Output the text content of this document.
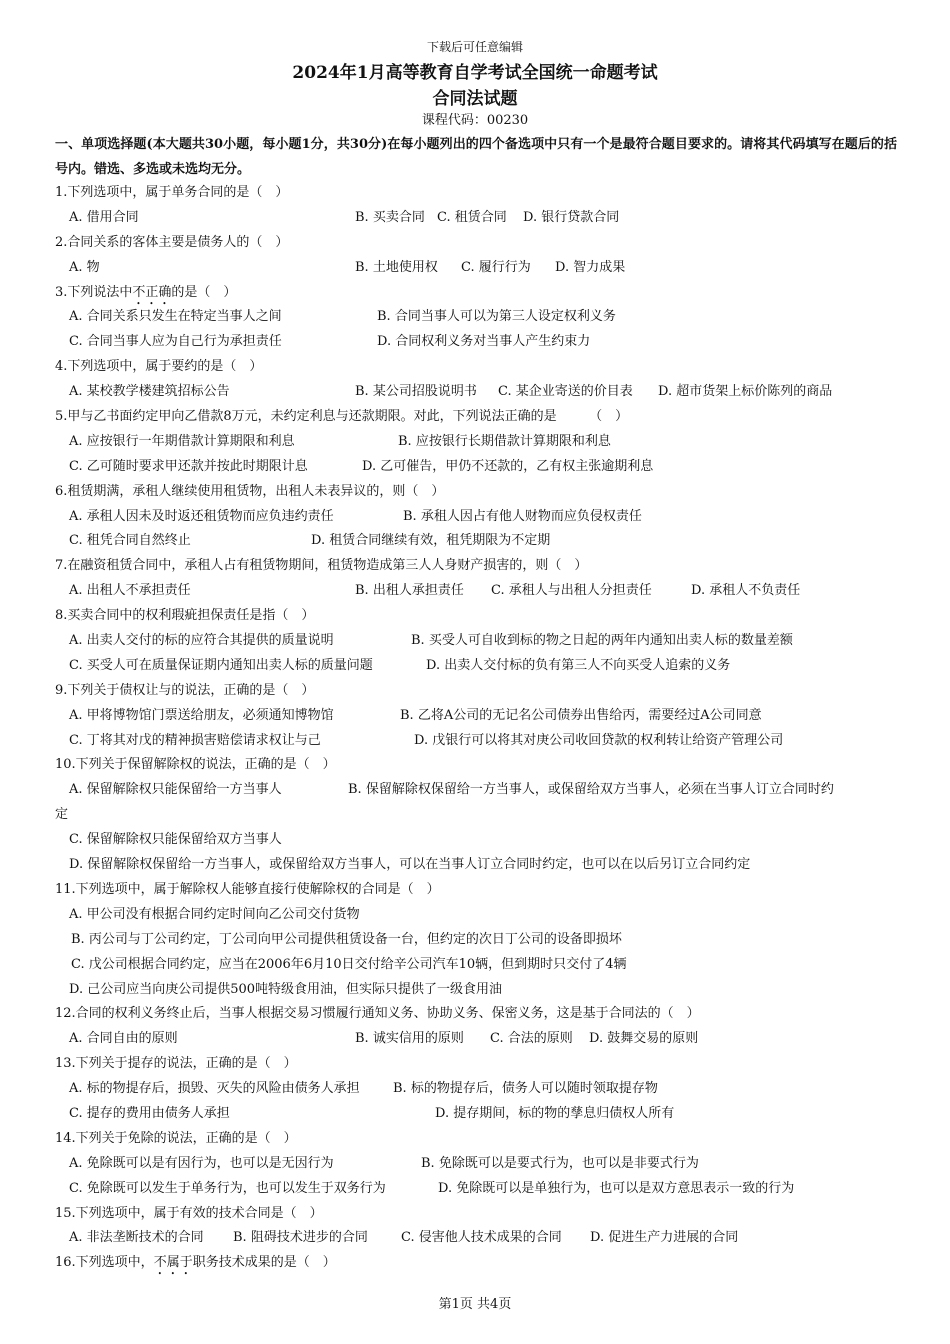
下载后可任意编辑
2024年1月高等教育自学考试全国统一命题考试
合同法试题
课程代码：00230
一、单项选择题(本大题共30小题，每小题1分，共30分)在每小题列出的四个备选项中只有一个是最符合题目要求的。请将其代码填写在题后的括号内。错选、多选或未选均无分。
1.下列选项中，属于单务合同的是（　）
A. 借用合同	B. 买卖合同 C. 租赁合同 D. 银行贷款合同
2.合同关系的客体主要是债务人的（　）
A. 物	B. 土地使用权 C. 履行行为 D. 智力成果
3.下列说法中不正确的是（　）
A. 合同关系只发生在特定当事人之间	B. 合同当事人可以为第三人设定权利义务
C. 合同当事人应为自己行为承担责任	D. 合同权利义务对当事人产生约束力
4.下列选项中，属于要约的是（　）
A. 某校教学楼建筑招标公告	B. 某公司招股说明书 C. 某企业寄送的价目表 D. 超市货架上标价陈列的商品
5.甲与乙书面约定甲向乙借款8万元，未约定利息与还款期限。对此，下列说法正确的是　　　（　）
A. 应按银行一年期借款计算期限和利息	B. 应按银行长期借款计算期限和利息
C. 乙可随时要求甲还款并按此时期限计息	D. 乙可催告，甲仍不还款的，乙有权主张逾期利息
6.租赁期满，承租人继续使用租赁物，出租人未表异议的，则（　）
A. 承租人因未及时返还租赁物而应负违约责任	B. 承租人因占有他人财物而应负侵权责任
C. 租凭合同自然终止	D. 租赁合同继续有效，租凭期限为不定期
7.在融资租赁合同中，承租人占有租赁物期间，租赁物造成第三人人身财产损害的，则（　）
A. 出租人不承担责任	B. 出租人承担责任 C. 承租人与出租人分担责任	D. 承租人不负责任
8.买卖合同中的权利瑕疵担保责任是指（　）
A. 出卖人交付的标的应符合其提供的质量说明	B. 买受人可自收到标的物之日起的两年内通知出卖人标的数量差额
C. 买受人可在质量保证期内通知出卖人标的质量问题	D. 出卖人交付标的负有第三人不向买受人追索的义务
9.下列关于债权让与的说法，正确的是（　）
A. 甲将博物馆门票送给朋友，必须通知博物馆	B. 乙将A公司的无记名公司债券出售给丙，需要经过A公司同意
C. 丁将其对戊的精神损害赔偿请求权让与己	D. 戊银行可以将其对庚公司收回贷款的权利转让给资产管理公司
10.下列关于保留解除权的说法，正确的是（　）
A. 保留解除权只能保留给一方当事人	B. 保留解除权保留给一方当事人，或保留给双方当事人，必须在当事人订立合同时约
定
C. 保留解除权只能保留给双方当事人
D. 保留解除权保留给一方当事人，或保留给双方当事人，可以在当事人订立合同时约定，也可以在以后另订立合同约定
11.下列选项中，属于解除权人能够直接行使解除权的合同是（　）
A. 甲公司没有根据合同约定时间向乙公司交付货物
B. 丙公司与丁公司约定，丁公司向甲公司提供租赁设备一台，但约定的次日丁公司的设备即损坏
C. 戊公司根据合同约定，应当在2006年6月10日交付给辛公司汽车10辆，但到期时只交付了4辆
D. 己公司应当向庚公司提供500吨特级食用油，但实际只提供了一级食用油
12.合同的权利义务终止后，当事人根据交易习惯履行通知义务、协助义务、保密义务，这是基于合同法的（　）
A. 合同自由的原则	B. 诚实信用的原则 C. 合法的原则 D. 鼓舞交易的原则
13.下列关于提存的说法，正确的是（　）
A. 标的物提存后，损毁、灭失的风险由债务人承担	B. 标的物提存后，债务人可以随时领取提存物
C. 提存的费用由债务人承担	D. 提存期间，标的物的孳息归债权人所有
14.下列关于免除的说法，正确的是（　）
A. 免除既可以是有因行为，也可以是无因行为	B. 免除既可以是要式行为，也可以是非要式行为
C. 免除既可以发生于单务行为，也可以发生于双务行为	D. 免除既可以是单独行为，也可以是双方意思表示一致的行为
15.下列选项中，属于有效的技术合同是（　）
A. 非法垄断技术的合同 B. 阻碍技术进步的合同	C. 侵害他人技术成果的合同 D. 促进生产力进展的合同
16.下列选项中，不属于职务技术成果的是（　）
第1页 共4页
